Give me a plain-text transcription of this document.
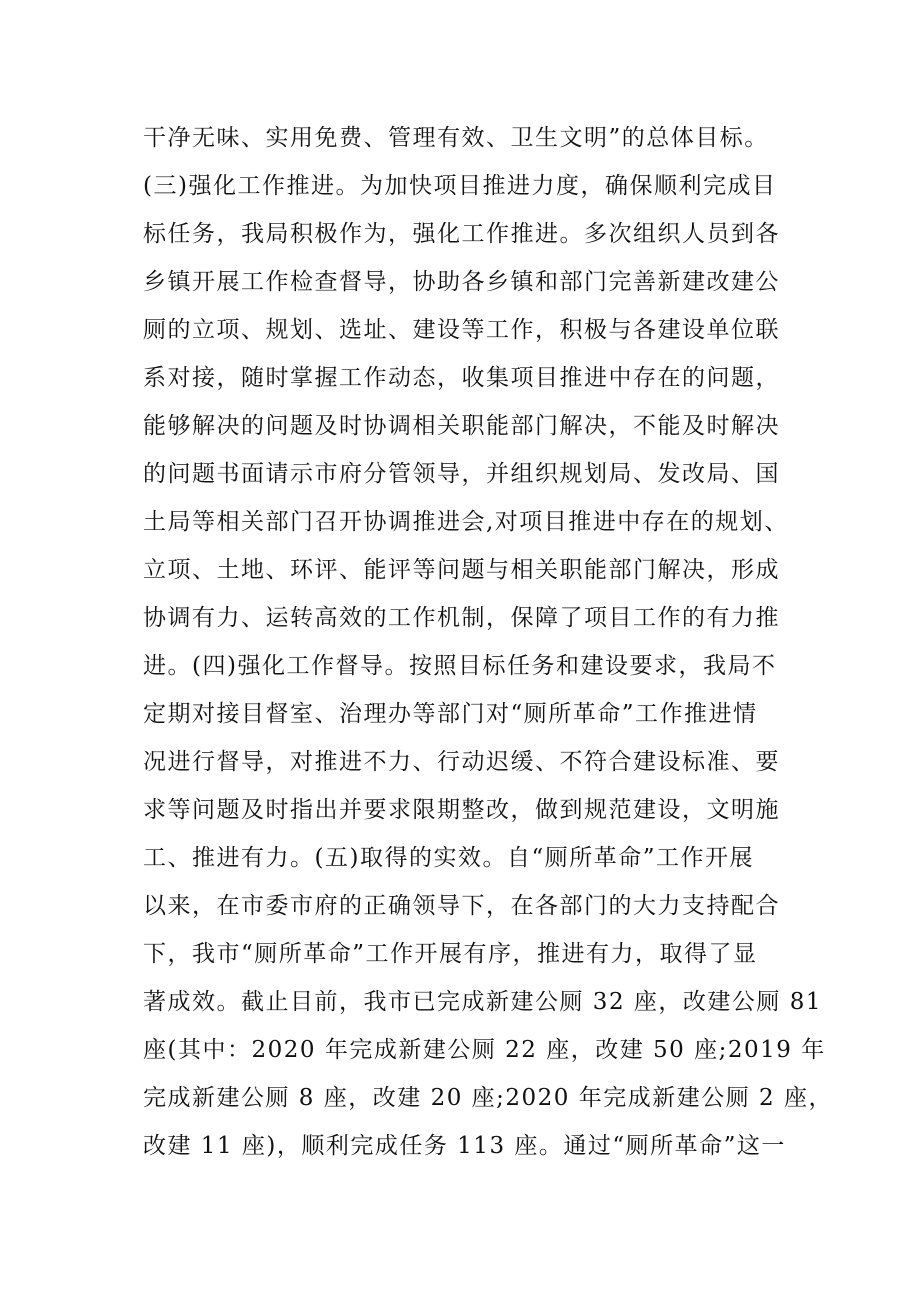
干净无味、实用免费、管理有效、卫生文明”的总体目标。
(三)强化工作推进。为加快项目推进力度，确保顺利完成目
标任务，我局积极作为，强化工作推进。多次组织人员到各
乡镇开展工作检查督导，协助各乡镇和部门完善新建改建公
厕的立项、规划、选址、建设等工作，积极与各建设单位联
系对接，随时掌握工作动态，收集项目推进中存在的问题，
能够解决的问题及时协调相关职能部门解决，不能及时解决
的问题书面请示市府分管领导，并组织规划局、发改局、国
土局等相关部门召开协调推进会,对项目推进中存在的规划、
立项、土地、环评、能评等问题与相关职能部门解决，形成
协调有力、运转高效的工作机制，保障了项目工作的有力推
进。(四)强化工作督导。按照目标任务和建设要求，我局不
定期对接目督室、治理办等部门对“厕所革命”工作推进情
况进行督导，对推进不力、行动迟缓、不符合建设标准、要
求等问题及时指出并要求限期整改，做到规范建设，文明施
工、推进有力。(五)取得的实效。自“厕所革命”工作开展
以来，在市委市府的正确领导下，在各部门的大力支持配合
下，我市“厕所革命”工作开展有序，推进有力，取得了显
著成效。截止目前，我市已完成新建公厕 32 座，改建公厕 81
座(其中：2020 年完成新建公厕 22 座，改建 50 座;2019 年
完成新建公厕 8 座，改建 20 座;2020 年完成新建公厕 2 座，
改建 11 座)，顺利完成任务 113 座。通过“厕所革命”这一
